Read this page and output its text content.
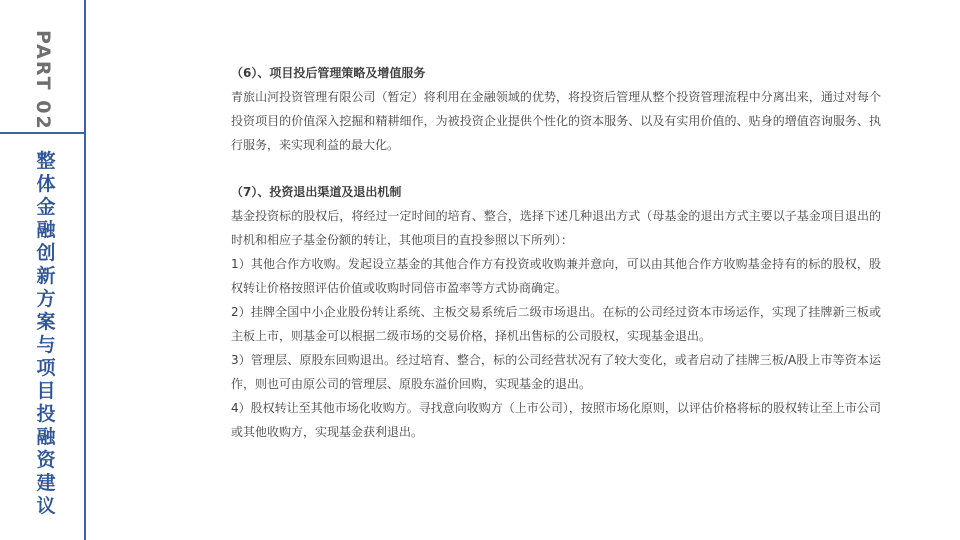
PART 02
整
体
金
融
创
新
方
案
与
项
目
投
融
资
建
议

（6）、项目投后管理策略及增值服务

青旅山河投资管理有限公司（暂定）将利用在金融领域的优势，将投资后管理从整个投资管理流程中分离出来，通过对每个投资项目的价值深入挖掘和精耕细作，为被投资企业提供个性化的资本服务、以及有实用价值的、贴身的增值咨询服务、执行服务，来实现利益的最大化。

（7）、投资退出渠道及退出机制

基金投资标的股权后，将经过一定时间的培育、整合，选择下述几种退出方式（母基金的退出方式主要以子基金项目退出的时机和相应子基金份额的转让，其他项目的直投参照以下所列）：

1）其他合作方收购。发起设立基金的其他合作方有投资或收购兼并意向，可以由其他合作方收购基金持有的标的股权，股权转让价格按照评估价值或收购时同倍市盈率等方式协商确定。

2）挂牌全国中小企业股份转让系统、主板交易系统后二级市场退出。在标的公司经过资本市场运作，实现了挂牌新三板或主板上市，则基金可以根据二级市场的交易价格，择机出售标的公司股权，实现基金退出。

3）管理层、原股东回购退出。经过培育、整合，标的公司经营状况有了较大变化，或者启动了挂牌三板/A股上市等资本运作，则也可由原公司的管理层、原股东溢价回购，实现基金的退出。

4）股权转让至其他市场化收购方。寻找意向收购方（上市公司），按照市场化原则，以评估价格将标的股权转让至上市公司或其他收购方，实现基金获利退出。
